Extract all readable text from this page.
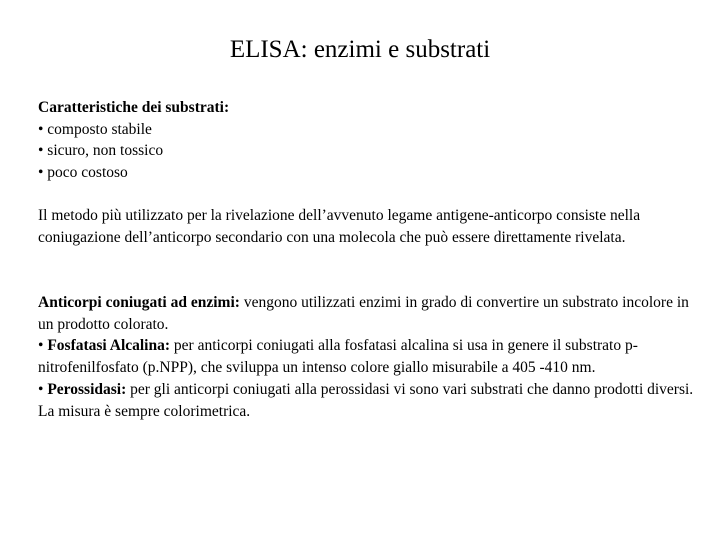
ELISA: enzimi e substrati

Caratteristiche dei substrati:

• composto stabile

• sicuro, non tossico

• poco costoso

Il metodo più utilizzato per la rivelazione dell’avvenuto legame antigene-anticorpo consiste nella coniugazione dell’anticorpo secondario con una molecola che può essere direttamente rivelata.

Anticorpi coniugati ad enzimi: vengono utilizzati enzimi in grado di convertire un substrato incolore in un prodotto colorato.

• Fosfatasi Alcalina: per anticorpi coniugati alla fosfatasi alcalina si usa in genere il substrato p-nitrofenilfosfato (p.NPP), che sviluppa un intenso colore giallo misurabile a 405 -410 nm.

• Perossidasi: per gli anticorpi coniugati alla perossidasi vi sono vari substrati che danno prodotti diversi. La misura è sempre colorimetrica.
